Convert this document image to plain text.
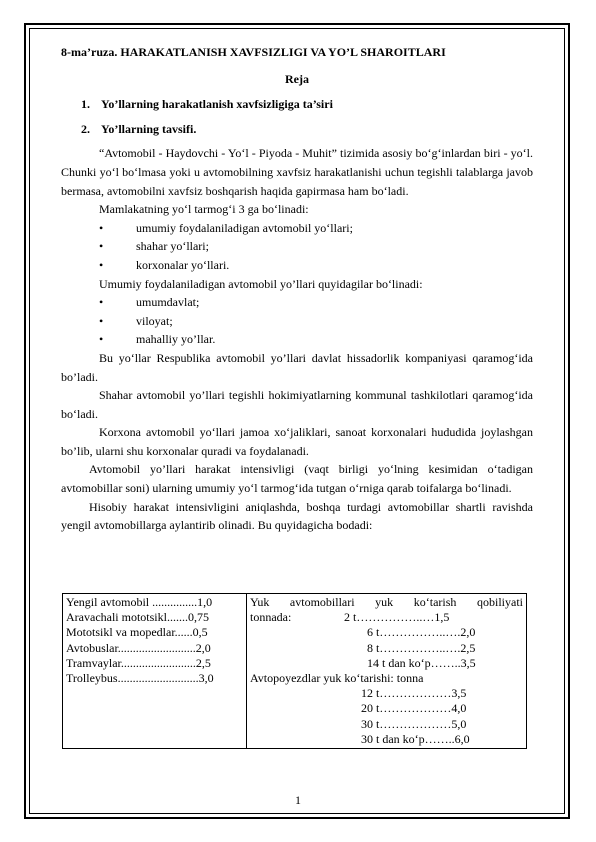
8-ma’ruza. HARAKATLANISH XAVFSIZLIGI VA YO’L SHAROITLARI
Reja
1. Yo’llarning harakatlanish xavfsizligiga ta’siri
2. Yo’llarning tavsifi.

“Avtomobil - Haydovchi - Yo‘l - Piyoda - Muhit” tizimida asosiy bo‘g‘inlardan biri - yo‘l. Chunki yo‘l bo‘lmasa yoki u avtomobilning xavfsiz harakatlanishi uchun tegishli talablarga javob bermasa, avtomobilni xavfsiz boshqarish haqida gapirmasa ham bo‘ladi.

Mamlakatning yo‘l tarmog‘i 3 ga bo‘linadi:

•	umumiy foydalaniladigan avtomobil yo‘llari;
•	shahar yo‘llari;
•	korxonalar yo‘llari.

Umumiy foydalaniladigan avtomobil yo’llari quyidagilar bo‘linadi:

•	umumdavlat;
•	viloyat;
•	mahalliy yo’llar.

Bu yo‘llar Respublika avtomobil yo’llari davlat hissadorlik kompaniyasi qaramog‘ida bo’ladi.

Shahar avtomobil yo’llari tegishli hokimiyatlarning kommunal tashkilotlari qaramog‘ida bo‘ladi.

Korxona avtomobil yo‘llari jamoa xo‘jaliklari, sanoat korxonalari hududida joylashgan bo’lib, ularni shu korxonalar quradi va foydalanadi.

Avtomobil yo’llari harakat intensivligi (vaqt birligi yo‘lning kesimidan o‘tadigan avtomobillar soni) ularning umumiy yo‘l tarmog‘ida tutgan o‘rniga qarab toifalarga bo‘linadi.

Hisobiy harakat intensivligini aniqlashda, boshqa turdagi avtomobillar shartli ravishda yengil avtomobillarga aylantirib olinadi. Bu quyidagicha bodadi:

Yengil avtomobil ...............1,0
Aravachali mototsikl.......0,75
Mototsikl va mopedlar......0,5
Avtobuslar..........................2,0
Tramvaylar.........................2,5
Trolleybus...........................3,0

Yuk avtomobillari yuk ko‘tarish qobiliyati
tonnada:	2 t……………..…1,5
6 t……………..….2,0
8 t……………..….2,5
14 t dan ko‘p……..3,5
Avtopoyezdlar yuk ko‘tarishi: tonna
12 t………………3,5
20 t………………4,0
30 t………………5,0
30 t dan ko‘p……..6,0
1
